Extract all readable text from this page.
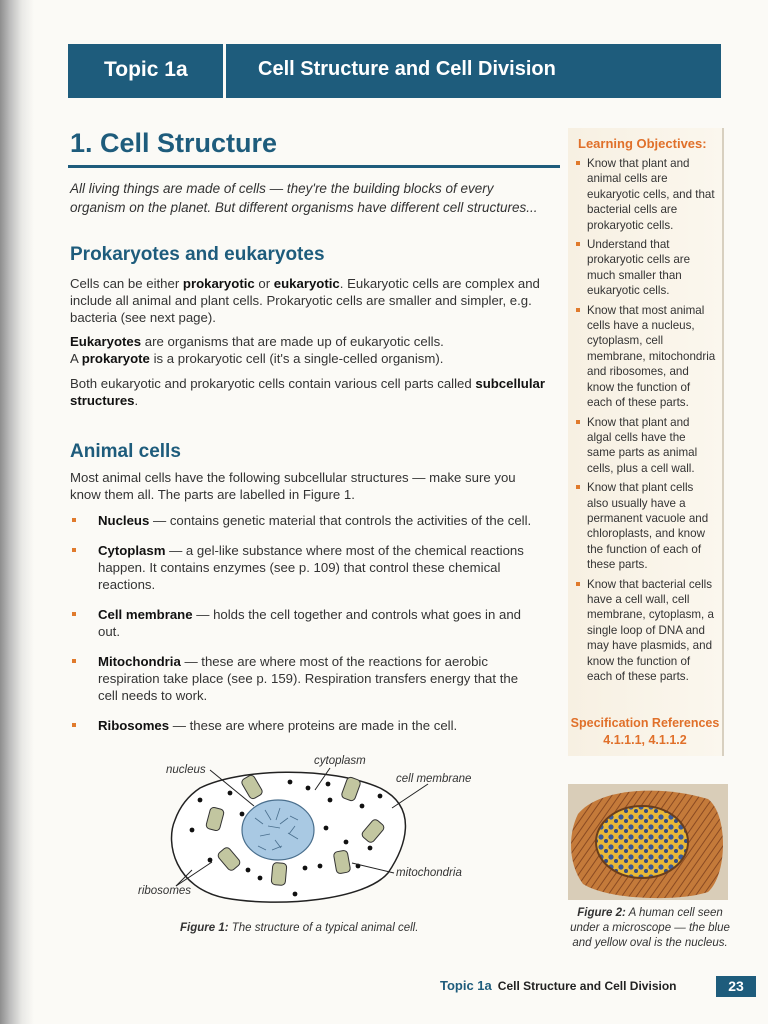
Topic 1a	Cell Structure and Cell Division
1. Cell Structure
All living things are made of cells — they're the building blocks of every organism on the planet. But different organisms have different cell structures...
Prokaryotes and eukaryotes
Cells can be either prokaryotic or eukaryotic. Eukaryotic cells are complex and include all animal and plant cells. Prokaryotic cells are smaller and simpler, e.g. bacteria (see next page).
Eukaryotes are organisms that are made up of eukaryotic cells.
A prokaryote is a prokaryotic cell (it's a single-celled organism).
Both eukaryotic and prokaryotic cells contain various cell parts called subcellular structures.
Animal cells
Most animal cells have the following subcellular structures — make sure you know them all. The parts are labelled in Figure 1.
Nucleus — contains genetic material that controls the activities of the cell.
Cytoplasm — a gel-like substance where most of the chemical reactions happen. It contains enzymes (see p. 109) that control these chemical reactions.
Cell membrane — holds the cell together and controls what goes in and out.
Mitochondria — these are where most of the reactions for aerobic respiration take place (see p. 159). Respiration transfers energy that the cell needs to work.
Ribosomes — these are where proteins are made in the cell.
nucleus
cytoplasm
cell membrane
mitochondria
ribosomes
Figure 1: The structure of a typical animal cell.
Learning Objectives:
Know that plant and animal cells are eukaryotic cells, and that bacterial cells are prokaryotic cells.
Understand that prokaryotic cells are much smaller than eukaryotic cells.
Know that most animal cells have a nucleus, cytoplasm, cell membrane, mitochondria and ribosomes, and know the function of each of these parts.
Know that plant and algal cells have the same parts as animal cells, plus a cell wall.
Know that plant cells also usually have a permanent vacuole and chloroplasts, and know the function of each of these parts.
Know that bacterial cells have a cell wall, cell membrane, cytoplasm, a single loop of DNA and may have plasmids, and know the function of each of these parts.
Specification References
4.1.1.1, 4.1.1.2
Figure 2: A human cell seen under a microscope — the blue and yellow oval is the nucleus.
Topic 1a Cell Structure and Cell Division	23
